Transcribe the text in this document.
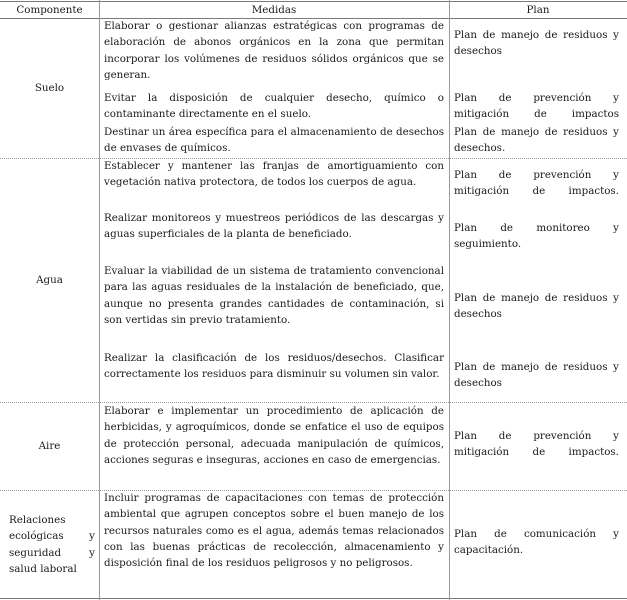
Componente	Medidas	Plan
Suelo
Elaborar o gestionar alianzas estratégicas con programas de elaboración de abonos orgánicos en la zona que permitan incorporar los volúmenes de residuos sólidos orgánicos que se generan.
Evitar la disposición de cualquier desecho, químico o contaminante directamente en el suelo.
Destinar un área específica para el almacenamiento de desechos de envases de químicos.
Plan de manejo de residuos y desechos
Plan de prevención y mitigación de impactos
Plan de manejo de residuos y desechos.
Agua
Establecer y mantener las franjas de amortiguamiento con vegetación nativa protectora, de todos los cuerpos de agua.
Realizar monitoreos y muestreos periódicos de las descargas y aguas superficiales de la planta de beneficiado.
Evaluar la viabilidad de un sistema de tratamiento convencional para las aguas residuales de la instalación de beneficiado, que, aunque no presenta grandes cantidades de contaminación, si son vertidas sin previo tratamiento.
Realizar la clasificación de los residuos/desechos. Clasificar correctamente los residuos para disminuir su volumen sin valor.
Plan de prevención y mitigación de impactos.
Plan de monitoreo y seguimiento.
Plan de manejo de residuos y desechos
Plan de manejo de residuos y desechos
Aire
Elaborar e implementar un procedimiento de aplicación de herbicidas, y agroquímicos, donde se enfatice el uso de equipos de protección personal, adecuada manipulación de químicos, acciones seguras e inseguras, acciones en caso de emergencias.
Plan de prevención y mitigación de impactos.
Relaciones ecológicas y seguridad y salud laboral
Incluir programas de capacitaciones con temas de protección ambiental que agrupen conceptos sobre el buen manejo de los recursos naturales como es el agua, además temas relacionados con las buenas prácticas de recolección, almacenamiento y disposición final de los residuos peligrosos y no peligrosos.
Plan de comunicación y capacitación.
